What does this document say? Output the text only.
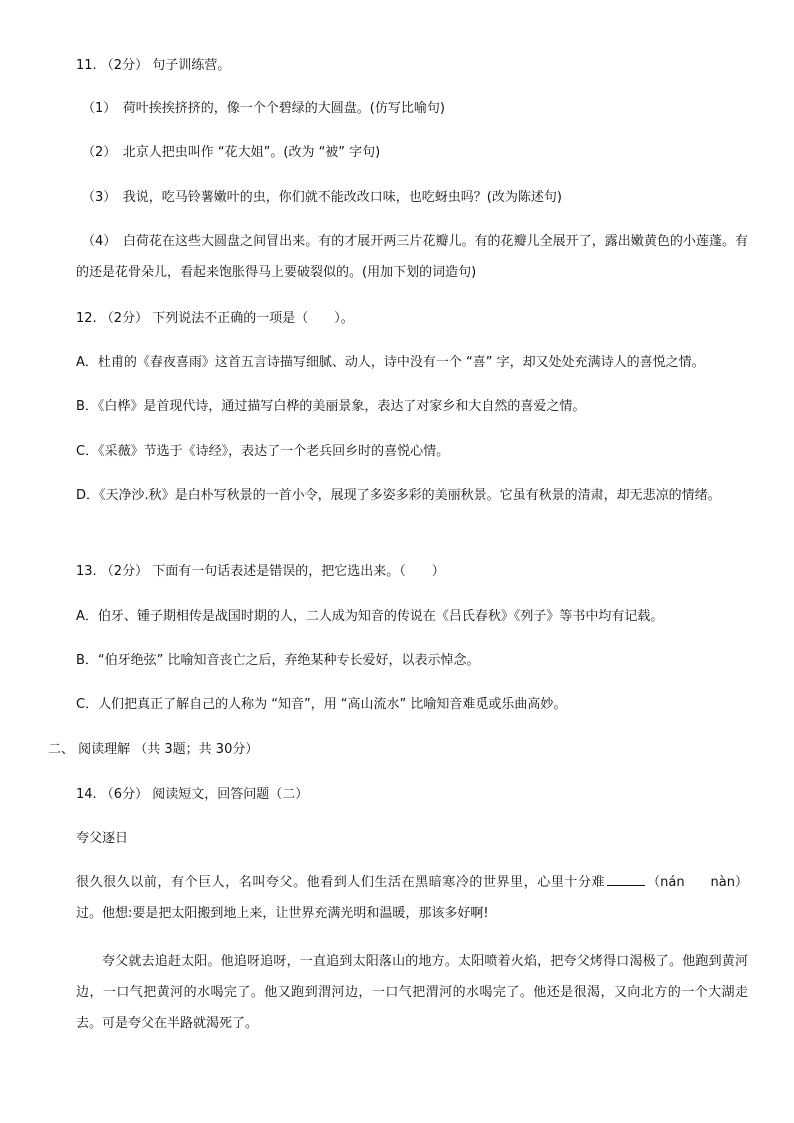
11. （2分） 句子训练营。
（1）　荷叶挨挨挤挤的，像一个个碧绿的大圆盘。(仿写比喻句)
（2）　北京人把虫叫作 “花大姐”。(改为 “被” 字句)
（3）　我说，吃马铃薯嫩叶的虫，你们就不能改改口味，也吃蚜虫吗？(改为陈述句)
（4）　白荷花在这些大圆盘之间冒出来。有的才展开两三片花瓣儿。有的花瓣儿全展开了，露出嫩黄色的小莲蓬。有的还是花骨朵儿，看起来饱胀得马上要破裂似的。(用加下划的词造句)
12. （2分） 下列说法不正确的一项是（　　）。
A．杜甫的《春夜喜雨》这首五言诗描写细腻、动人，诗中没有一个 “喜” 字，却又处处充满诗人的喜悦之情。
B．《白桦》是首现代诗，通过描写白桦的美丽景象，表达了对家乡和大自然的喜爱之情。
C．《采薇》节选于《诗经》，表达了一个老兵回乡时的喜悦心情。
D．《天净沙.秋》是白朴写秋景的一首小令，展现了多姿多彩的美丽秋景。它虽有秋景的清肃，却无悲凉的情绪。
13. （2分） 下面有一句话表述是错误的，把它选出来。（　　）
A．伯牙、锺子期相传是战国时期的人，二人成为知音的传说在《吕氏春秋》《列子》等书中均有记载。
B．“伯牙绝弦” 比喻知音丧亡之后，弃绝某种专长爱好，以表示悼念。
C．人们把真正了解自己的人称为 “知音”，用 “高山流水” 比喻知音难觅或乐曲高妙。
二、 阅读理解 （共 3题；共 30分）
14. （6分） 阅读短文，回答问题（二）
夸父逐日
很久很久以前，有个巨人，名叫夸父。他看到人们生活在黑暗寒冷的世界里，心里十分难	（nán　　nàn）过。他想:要是把太阳搬到地上来，让世界充满光明和温暖，那该多好啊!
夸父就去追赶太阳。他追呀追呀，一直追到太阳落山的地方。太阳喷着火焰，把夸父烤得口渴极了。他跑到黄河边，一口气把黄河的水喝完了。他又跑到渭河边，一口气把渭河的水喝完了。他还是很渴，又向北方的一个大湖走去。可是夸父在半路就渴死了。
